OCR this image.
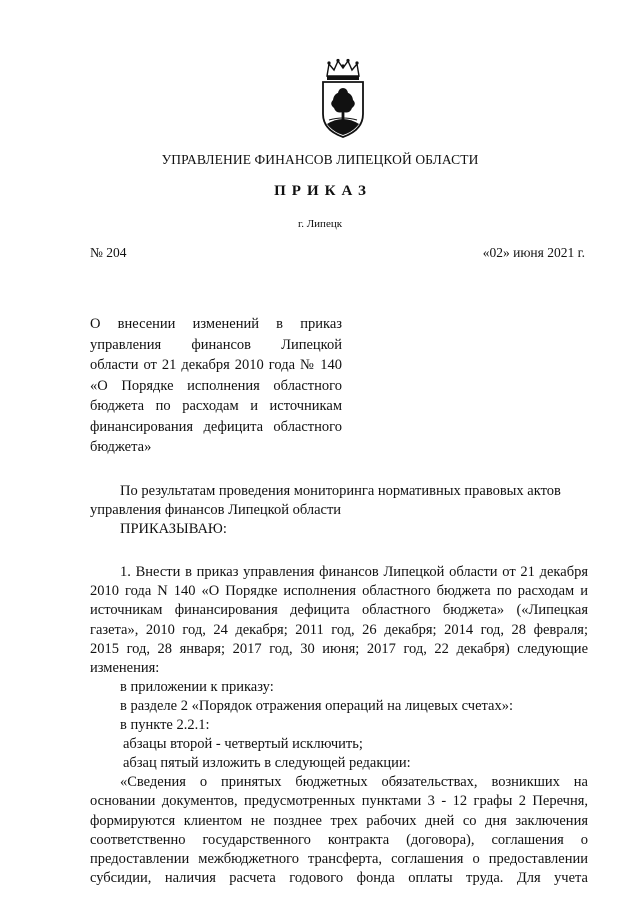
УПРАВЛЕНИЕ ФИНАНСОВ ЛИПЕЦКОЙ ОБЛАСТИ
ПРИКАЗ
г. Липецк
№ 204	«02» июня 2021 г.
О внесении изменений в приказ
управления финансов Липецкой
области от 21 декабря 2010 года № 140
«О Порядке исполнения областного
бюджета по расходам и источникам
финансирования дефицита областного
бюджета»
По результатам проведения мониторинга нормативных правовых актов
управления финансов Липецкой области
ПРИКАЗЫВАЮ:
1. Внести в приказ управления финансов Липецкой области от 21 декабря
2010 года N 140 «О Порядке исполнения областного бюджета по расходам и
источникам финансирования дефицита областного бюджета» («Липецкая
газета», 2010 год, 24 декабря; 2011 год, 26 декабря; 2014 год, 28 февраля;
2015 год, 28 января; 2017 год, 30 июня; 2017 год, 22 декабря) следующие
изменения:
в приложении к приказу:
в разделе 2 «Порядок отражения операций на лицевых счетах»:
в пункте 2.2.1:
абзацы второй - четвертый исключить;
абзац пятый изложить в следующей редакции:
«Сведения о принятых бюджетных обязательствах, возникших на
основании документов, предусмотренных пунктами 3 - 12 графы 2 Перечня,
формируются клиентом не позднее трех рабочих дней со дня заключения
соответственно государственного контракта (договора), соглашения о
предоставлении межбюджетного трансферта, соглашения о предоставлении
субсидии, наличия расчета годового фонда оплаты труда. Для учета
